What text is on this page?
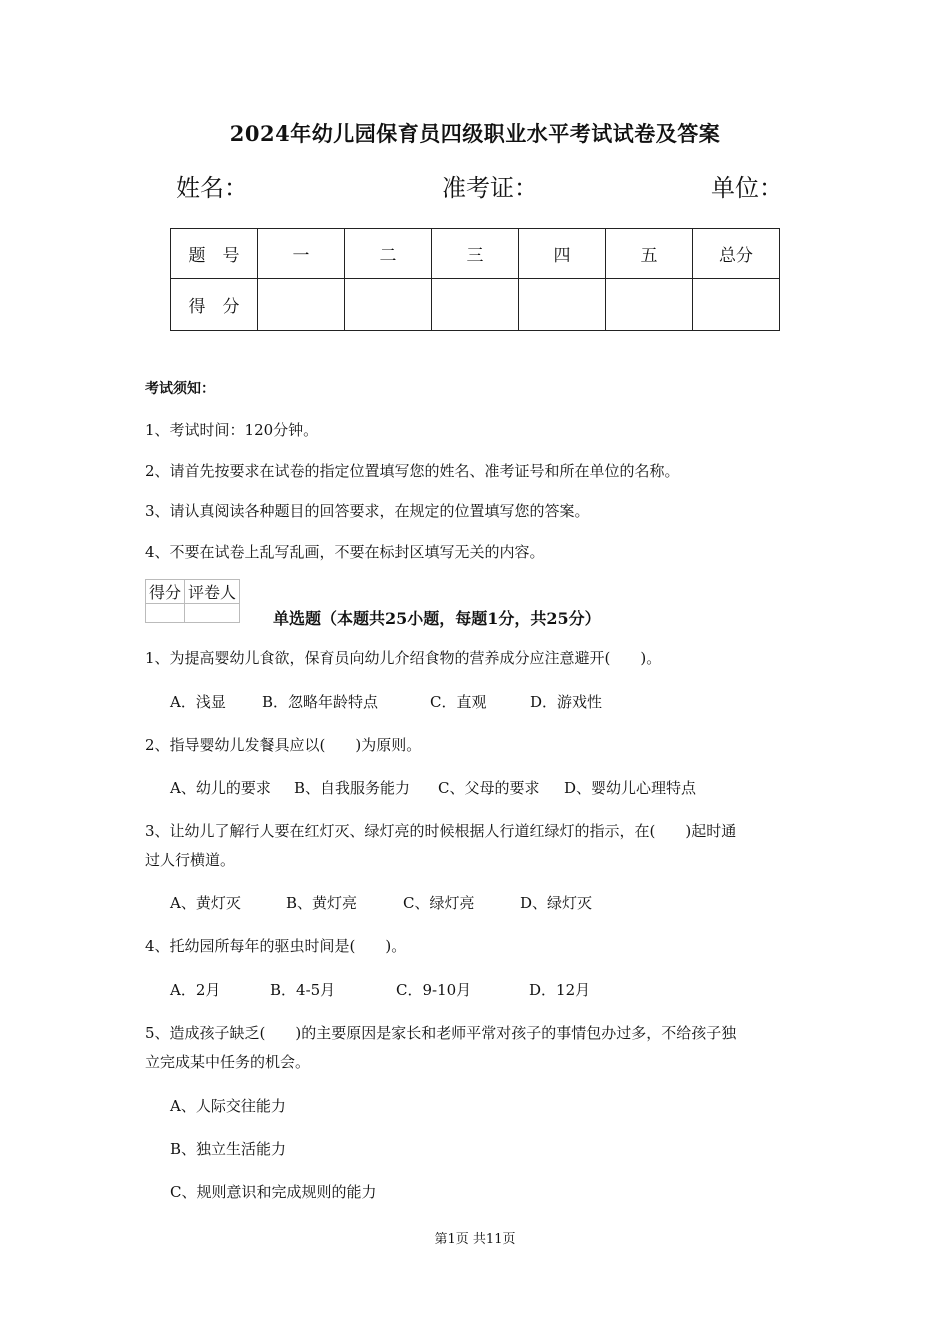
2024年幼儿园保育员四级职业水平考试试卷及答案
姓名：	准考证：	单位：
题　号	一	二	三	四	五	总分
得　分						
考试须知：
1、考试时间：120分钟。
2、请首先按要求在试卷的指定位置填写您的姓名、准考证号和所在单位的名称。
3、请认真阅读各种题目的回答要求，在规定的位置填写您的答案。
4、不要在试卷上乱写乱画，不要在标封区填写无关的内容。
得分	评卷人

单选题（本题共25小题，每题1分，共25分）
1、为提高婴幼儿食欲，保育员向幼儿介绍食物的营养成分应注意避开(　　)。
A．浅显 B．忽略年龄特点	C．直观	D．游戏性
2、指导婴幼儿发餐具应以(　　)为原则。
A、幼儿的要求 B、自我服务能力 C、父母的要求 D、婴幼儿心理特点
3、让幼儿了解行人要在红灯灭、绿灯亮的时候根据人行道红绿灯的指示，在(　　)起时通
过人行横道。
A、黄灯灭	B、黄灯亮	C、绿灯亮	D、绿灯灭
4、托幼园所每年的驱虫时间是(　　)。
A．2月	B．4-5月	C．9-10月	D．12月
5、造成孩子缺乏(　　)的主要原因是家长和老师平常对孩子的事情包办过多，不给孩子独
立完成某中任务的机会。
A、人际交往能力
B、独立生活能力
C、规则意识和完成规则的能力
第1页 共11页
